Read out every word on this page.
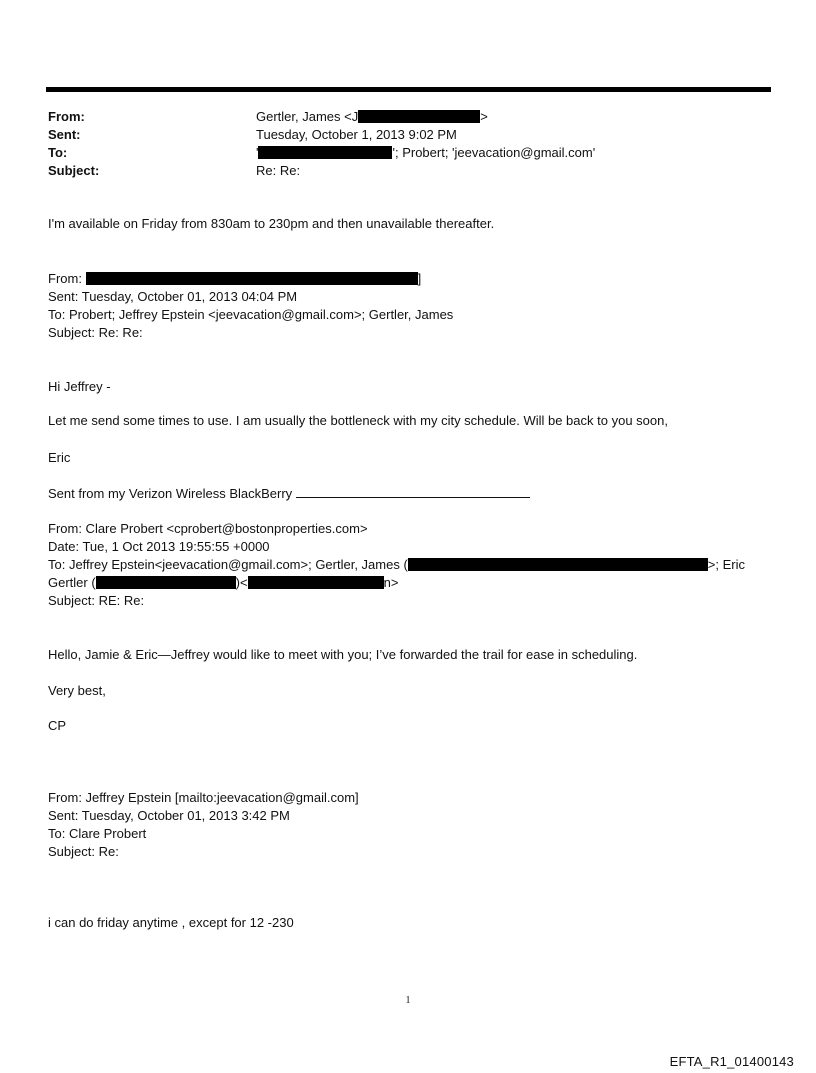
From:	Gertler, James <J	>
Sent:	Tuesday, October 1, 2013 9:02 PM
To:	'	'; Probert; 'jeevacation@gmail.com'
Subject:	Re: Re:
I'm available on Friday from 830am to 230pm and then unavailable thereafter.
From:	]
Sent: Tuesday, October 01, 2013 04:04 PM
To: Probert; Jeffrey Epstein <jeevacation@gmail.com>; Gertler, James
Subject: Re: Re:
Hi Jeffrey -
Let me send some times to use. I am usually the bottleneck with my city schedule. Will be back to you soon,
Eric
Sent from my Verizon Wireless BlackBerry
From: Clare Probert <cprobert@bostonproperties.com>
Date: Tue, 1 Oct 2013 19:55:55 +0000
To: Jeffrey Epstein<jeevacation@gmail.com>; Gertler, James (	>; Eric
Gertler (	)<	n>
Subject: RE: Re:
Hello, Jamie & Eric—Jeffrey would like to meet with you; I’ve forwarded the trail for ease in scheduling.
Very best,
CP
From: Jeffrey Epstein [mailto:jeevacation@gmail.com]
Sent: Tuesday, October 01, 2013 3:42 PM
To: Clare Probert
Subject: Re:
i can do friday anytime , except for 12 -230
1
EFTA_R1_01400143
